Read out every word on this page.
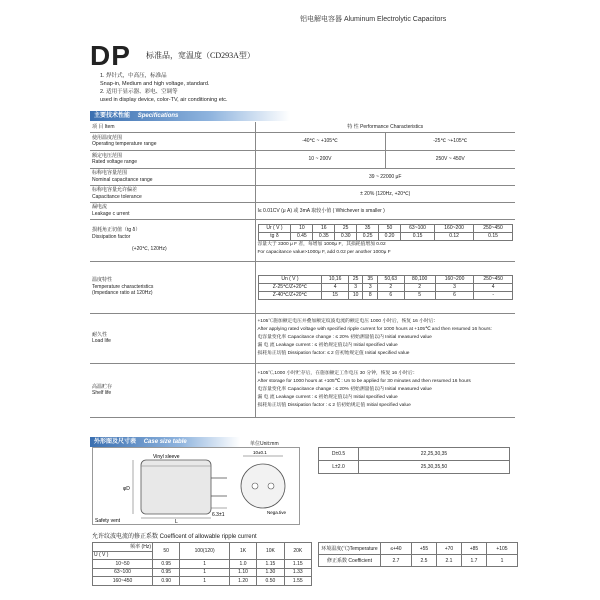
铝电解电容器 Aluminum Electrolytic Capacitors
DP 标准品，宽温度（CD293A型）
1. 焊针式，中高压，标准品
Snap-in, Medium and high voltage, standard.
2. 适用于显示器、彩电、空调等
used in display device, color-TV, air conditioning etc.
主要技术性能 Specifications
项 目 Item	特 性 Performance Characteristics

使用温度范围
Operating temperature range	-40℃ ~ +105℃	-25℃ ~+105℃

额定电压范围
Rated voltage range	10 ~ 200V	250V ~ 450V

标称电容量范围
Nominal capacitance range	39 ~ 22000 μF

标称电容量允许偏差
Capacitance tolerance	± 20% (120Hz, +20℃)

漏电流
Leakage c urrent	I≤ 0.01CV (μ A) 或 3mA 取较小值 ( Whichever is smaller )

损耗角正切值（tg δ）
Dissipation factor
(+20℃, 120Hz)

Ur ( V )	10	16	25	35	50	63~100	160~200	250~450
tg δ	0.45	0.35	0.30	0.25	0.20	0.15	0.12	0.15
容量大于 3300 μ F 者，每增加 1000μ F，其损耗值增加 0.02
For capacitance value>1000μ F, add 0.02 per another 1000μ F

温度特性
Temperature characteristics
(Impedance ratio at 120Hz)

Un ( V )	10,16	25	35	50,63	80,100	160~200	250~450
Z-25℃/Z+20℃	4	3	3	2	2	3	4
Z-40℃/Z+20℃	15	10	8	6	5	6	-

耐久性
Load life

+105℃施加额定电压并叠加额定纹波电流的额定电压 1000 小时后，恢复 16 小时后：
After applying rated voltage with specified ripple current for 1000 hours at +105℃ and then resumed 16 hours:
电容量变化率 Capacitance change : ≤ 20% 初始测量值以内 Initial measured value
漏 电 流 Leakage current : ≤ 初始规定值以内 Initial specified value
损耗角正切值 Dissipation factor: ≤ 2 倍初始规定值 Initial specified value

高温贮存
Shelf life

+105℃,1000 小时贮存后，在施加额定工作电压 30 分钟，恢复 16 小时后：
After storage for 1000 hours at +105℃ : Un to be applied for 30 minutes and then resumed 16 hours
电容量变化率 Capacitance change : ≤ 20% 初始测量值以内 Initial measured value
漏 电 流 Leakage current : ≤ 初始规定值以内 Initial specified value
损耗角正切值 Dissipation factor : ≤ 2 倍初始规定值 Initial specified value
外形图及尺寸表 Case size table	单位Unit:mm
Vinyl sleeve
Safety vent	L
6.3±1
φD
Nega.tive
10±0.1	D±0.5	22,25,30,35
L±2.0	25,30,35,50
允许纹波电流的修正系数 Coefficent of allowable ripple current
频率 (Hz)	50	100(120)	1K	10K	20K
U ( V )					
10~50	0.95	1	1.0	1.15	1.15
63~100	0.95	1	1.10	1.30	1.33
160~450	0.90	1	1.20	0.50	1.55
环境温度(℃)Temperature	≤+40	+55	+70	+85	+105
修正系数 Coefficient	2.7	2.5	2.1	1.7	1
